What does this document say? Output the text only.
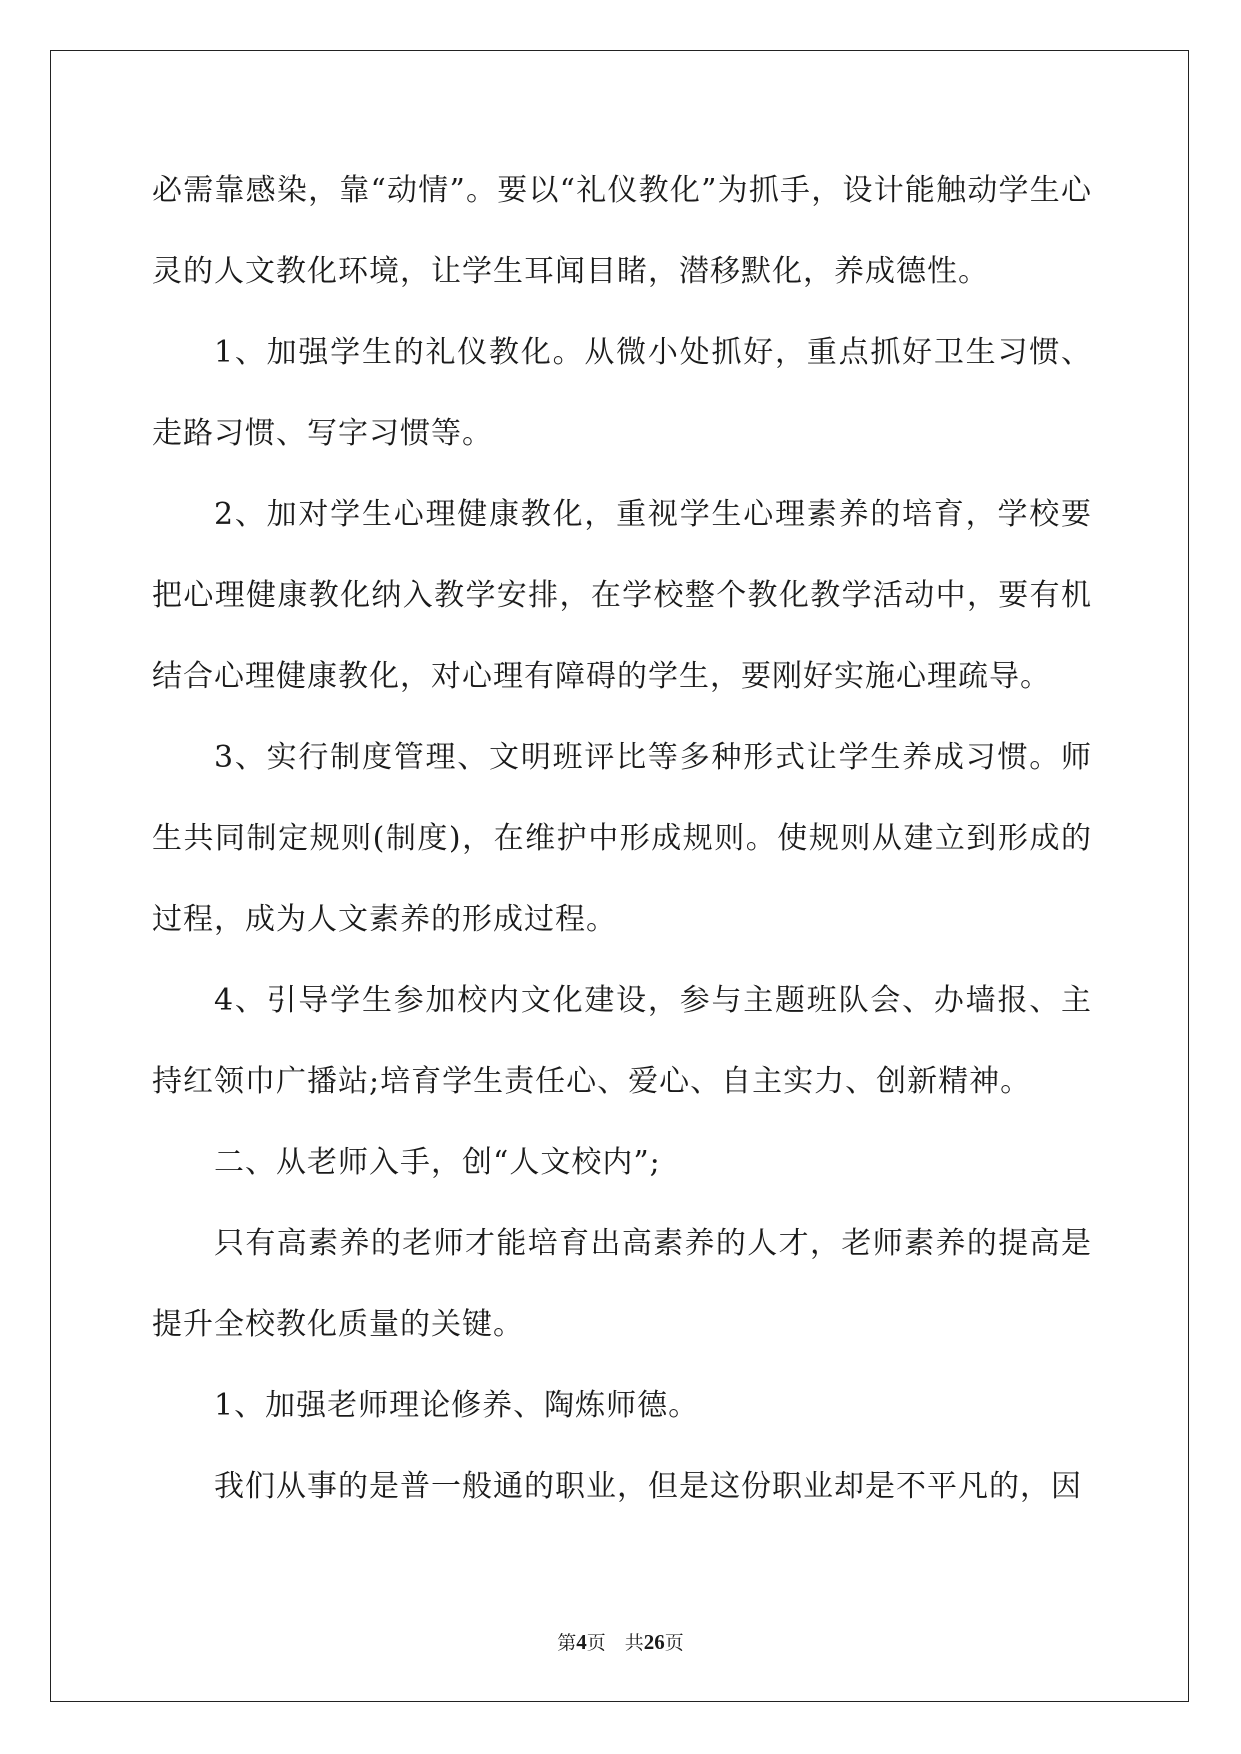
必需靠感染，靠“动情”。要以“礼仪教化”为抓手，设计能触动学生心灵的人文教化环境，让学生耳闻目睹，潜移默化，养成德性。

1、加强学生的礼仪教化。从微小处抓好，重点抓好卫生习惯、走路习惯、写字习惯等。

2、加对学生心理健康教化，重视学生心理素养的培育，学校要把心理健康教化纳入教学安排，在学校整个教化教学活动中，要有机结合心理健康教化，对心理有障碍的学生，要刚好实施心理疏导。

3、实行制度管理、文明班评比等多种形式让学生养成习惯。师生共同制定规则(制度)，在维护中形成规则。使规则从建立到形成的过程，成为人文素养的形成过程。

4、引导学生参加校内文化建设，参与主题班队会、办墙报、主持红领巾广播站;培育学生责任心、爱心、自主实力、创新精神。

二、从老师入手，创“人文校内”;

只有高素养的老师才能培育出高素养的人才，老师素养的提高是提升全校教化质量的关键。

1、加强老师理论修养、陶炼师德。

我们从事的是普一般通的职业，但是这份职业却是不平凡的，因

第4页　共26页
